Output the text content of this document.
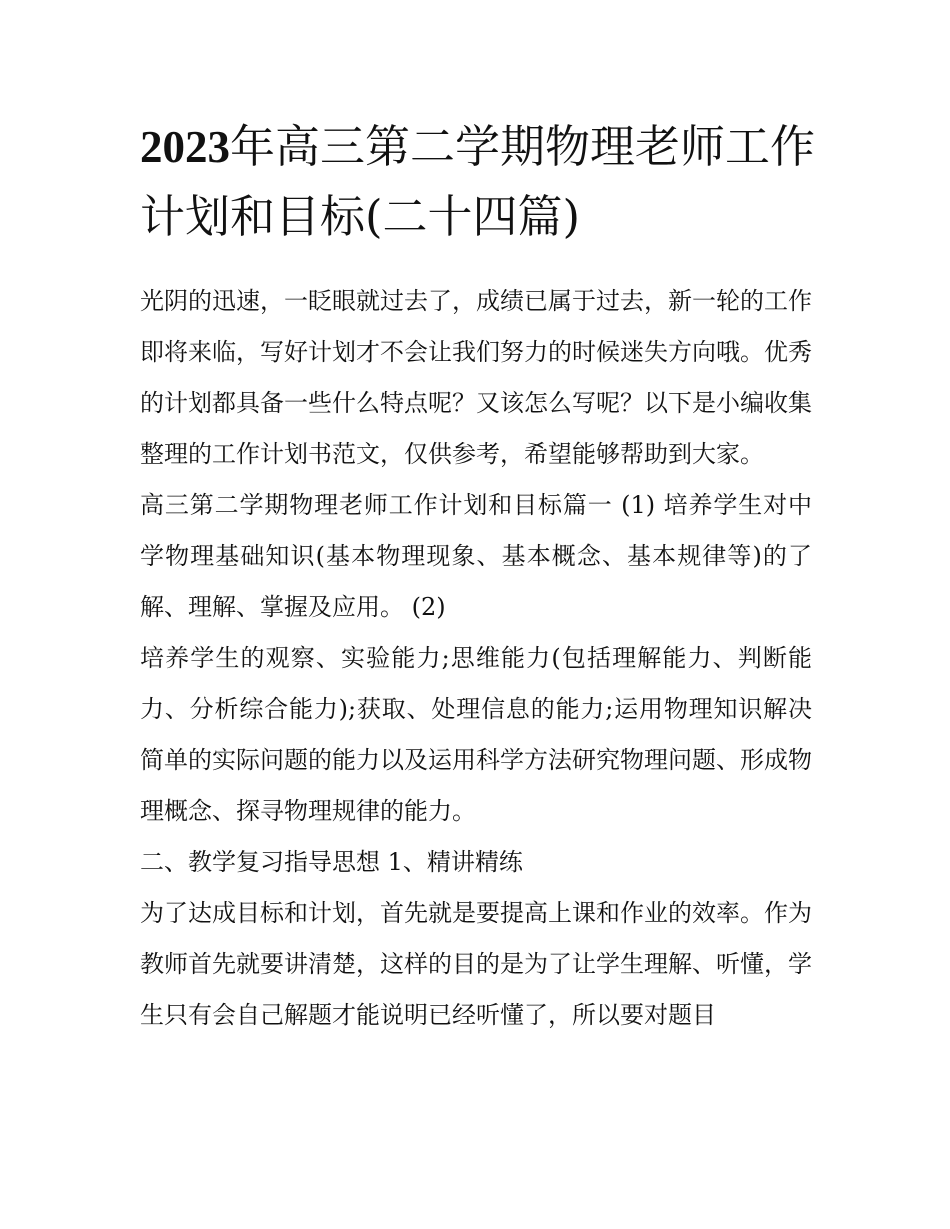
2023年高三第二学期物理老师工作计划和目标(二十四篇)

光阴的迅速，一眨眼就过去了，成绩已属于过去，新一轮的工作即将来临，写好计划才不会让我们努力的时候迷失方向哦。优秀的计划都具备一些什么特点呢？又该怎么写呢？以下是小编收集整理的工作计划书范文，仅供参考，希望能够帮助到大家。

高三第二学期物理老师工作计划和目标篇一 (1) 培养学生对中学物理基础知识(基本物理现象、基本概念、基本规律等)的了解、理解、掌握及应用。 (2)

培养学生的观察、实验能力;思维能力(包括理解能力、判断能力、分析综合能力);获取、处理信息的能力;运用物理知识解决简单的实际问题的能力以及运用科学方法研究物理问题、形成物理概念、探寻物理规律的能力。

二、教学复习指导思想 1、精讲精练

为了达成目标和计划，首先就是要提高上课和作业的效率。作为教师首先就要讲清楚，这样的目的是为了让学生理解、听懂，学生只有会自己解题才能说明已经听懂了，所以要对题目
